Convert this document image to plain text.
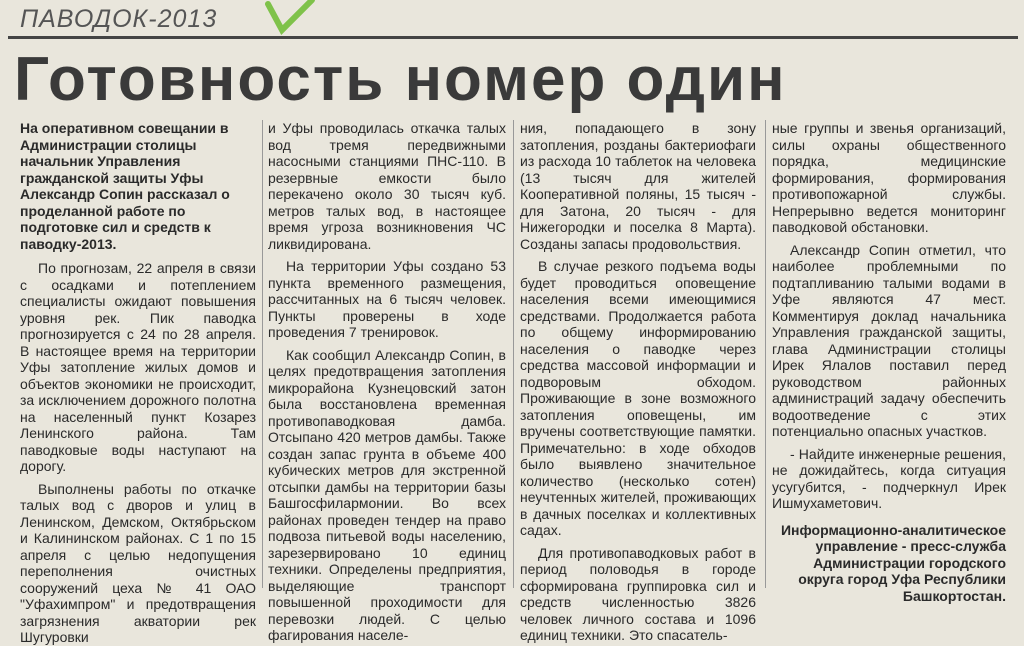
ПАВОДОК-2013
Готовность номер один
На оперативном совещании в Администрации столицы начальник Управления гражданской защиты Уфы Александр Сопин рассказал о проделанной работе по подготовке сил и средств к паводку-2013.

По прогнозам, 22 апреля в связи с осадками и потеплением специалисты ожидают повышения уровня рек. Пик паводка прогнозируется с 24 по 28 апреля. В настоящее время на территории Уфы затопление жилых домов и объектов экономики не происходит, за исключением дорожного полотна на населенный пункт Козарез Ленинского района. Там паводковые воды наступают на дорогу.

Выполнены работы по откачке талых вод с дворов и улиц в Ленинском, Демском, Октябрьском и Калининском районах. С 1 по 15 апреля с целью недопущения переполнения очистных сооружений цеха № 41 ОАО "Уфахимпром" и предотвращения загрязнения акватории рек Шугуровки

и Уфы проводилась откачка талых вод тремя передвижными насосными станциями ПНС-110. В резервные емкости было перекачено около 30 тысяч куб. метров талых вод, в настоящее время угроза возникновения ЧС ликвидирована.

На территории Уфы создано 53 пункта временного размещения, рассчитанных на 6 тысяч человек. Пункты проверены в ходе проведения 7 тренировок.

Как сообщил Александр Сопин, в целях предотвращения затопления микрорайона Кузнецовский затон была восстановлена временная противопаводковая дамба. Отсыпано 420 метров дамбы. Также создан запас грунта в объеме 400 кубических метров для экстренной отсыпки дамбы на территории базы Башгосфилармонии. Во всех районах проведен тендер на право подвоза питьевой воды населению, зарезервировано 10 единиц техники. Определены предприятия, выделяющие транспорт повышенной проходимости для перевозки людей. С целью фагирования населе-

ния, попадающего в зону затопления, розданы бактериофаги из расхода 10 таблеток на человека (13 тысяч для жителей Кооперативной поляны, 15 тысяч - для Затона, 20 тысяч - для Нижегородки и поселка 8 Марта). Созданы запасы продовольствия.

В случае резкого подъема воды будет проводиться оповещение населения всеми имеющимися средствами. Продолжается работа по общему информированию населения о паводке через средства массовой информации и подворовым обходом. Проживающие в зоне возможного затопления оповещены, им вручены соответствующие памятки. Примечательно: в ходе обходов было выявлено значительное количество (несколько сотен) неучтенных жителей, проживающих в дачных поселках и коллективных садах.

Для противопаводковых работ в период половодья в городе сформирована группировка сил и средств численностью 3826 человек личного состава и 1096 единиц техники. Это спасатель-

ные группы и звенья организаций, силы охраны общественного порядка, медицинские формирования, формирования противопожарной службы. Непрерывно ведется мониторинг паводковой обстановки.

Александр Сопин отметил, что наиболее проблемными по подтапливанию талыми водами в Уфе являются 47 мест. Комментируя доклад начальника Управления гражданской защиты, глава Администрации столицы Ирек Ялалов поставил перед руководством районных администраций задачу обеспечить водоотведение с этих потенциально опасных участков.

- Найдите инженерные решения, не дожидайтесь, когда ситуация усугубится, - подчеркнул Ирек Ишмухаметович.

Информационно-аналитическое управление - пресс-служба Администрации городского округа город Уфа Республики Башкортостан.
